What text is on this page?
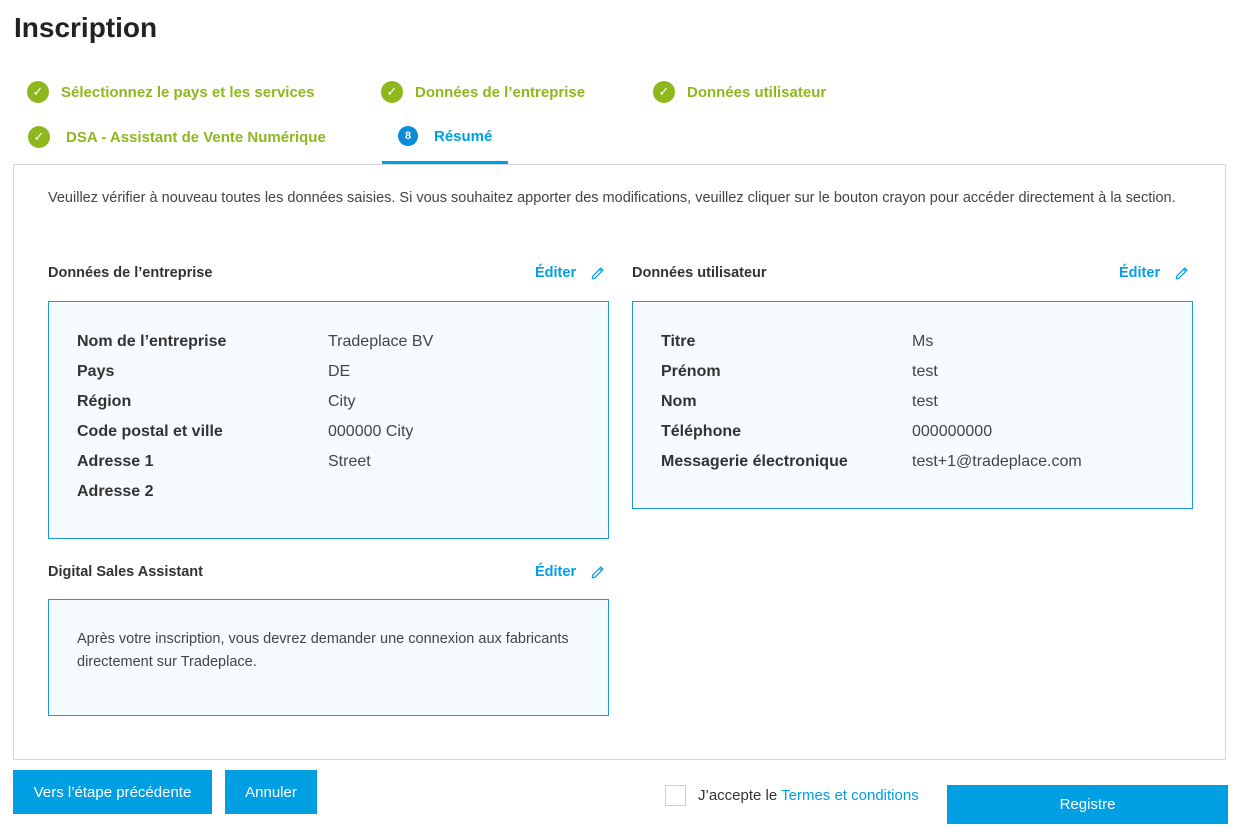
Inscription
✓	Sélectionnez le pays et les services	✓	Données de l’entreprise	✓	Données utilisateur
✓	DSA - Assistant de Vente Numérique	8	Résumé

Veuillez vérifier à nouveau toutes les données saisies. Si vous souhaitez apporter des modifications, veuillez cliquer sur le bouton crayon pour accéder directement à la section.

Données de l’entreprise	Éditer
Nom de l’entreprise	Tradeplace BV
Pays	DE
Région	City
Code postal et ville	000000 City
Adresse 1	Street
Adresse 2
Données utilisateur	Éditer
Titre	Ms
Prénom	test
Nom	test
Téléphone	000000000
Messagerie électronique	test+1@tradeplace.com
Digital Sales Assistant	Éditer

Après votre inscription, vous devrez demander une connexion aux fabricants directement sur Tradeplace.

Vers l’étape précédente	Annuler	J’accepte le Termes et conditions
Registre
